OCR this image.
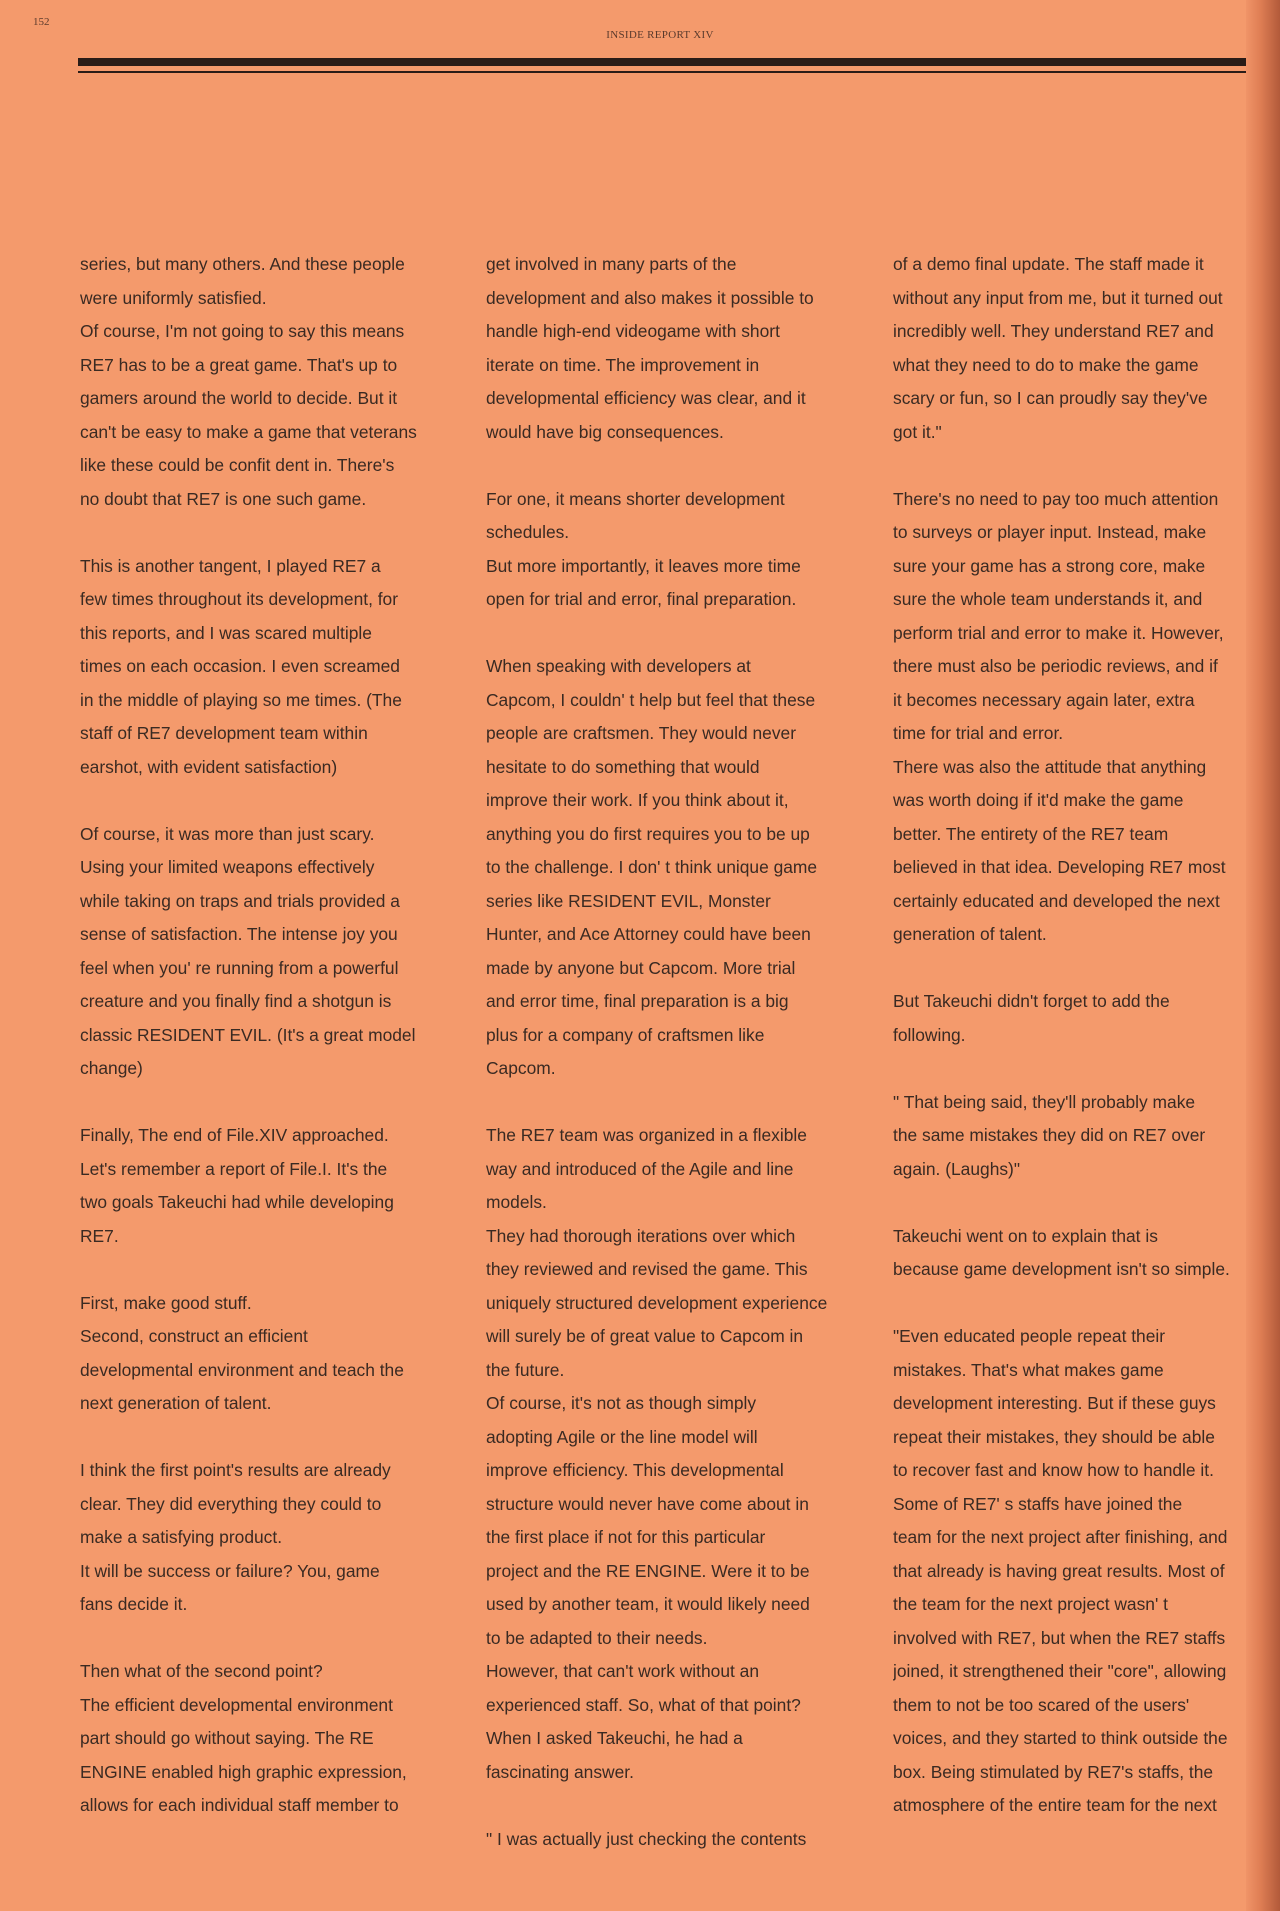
152
INSIDE REPORT XIV
series, but many others. And these people
were uniformly satisfied.
Of course, I'm not going to say this means
RE7 has to be a great game. That's up to
gamers around the world to decide. But it
can't be easy to make a game that veterans
like these could be confit dent in. There's
no doubt that RE7 is one such game.
This is another tangent, I played RE7 a
few times throughout its development, for
this reports, and I was scared multiple
times on each occasion. I even screamed
in the middle of playing so me times. (The
staff of RE7 development team within
earshot, with evident satisfaction)
Of course, it was more than just scary.
Using your limited weapons effectively
while taking on traps and trials provided a
sense of satisfaction. The intense joy you
feel when you' re running from a powerful
creature and you finally find a shotgun is
classic RESIDENT EVIL. (It's a great model
change)
Finally, The end of File.XIV approached.
Let's remember a report of File.I. It's the
two goals Takeuchi had while developing
RE7.
First, make good stuff.
Second, construct an efficient
developmental environment and teach the
next generation of talent.
I think the first point's results are already
clear. They did everything they could to
make a satisfying product.
It will be success or failure? You, game
fans decide it.
Then what of the second point?
The efficient developmental environment
part should go without saying. The RE
ENGINE enabled high graphic expression,
allows for each individual staff member to
get involved in many parts of the
development and also makes it possible to
handle high-end videogame with short
iterate on time. The improvement in
developmental efficiency was clear, and it
would have big consequences.
For one, it means shorter development
schedules.
But more importantly, it leaves more time
open for trial and error, final preparation.
When speaking with developers at
Capcom, I couldn' t help but feel that these
people are craftsmen. They would never
hesitate to do something that would
improve their work. If you think about it,
anything you do first requires you to be up
to the challenge. I don' t think unique game
series like RESIDENT EVIL, Monster
Hunter, and Ace Attorney could have been
made by anyone but Capcom. More trial
and error time, final preparation is a big
plus for a company of craftsmen like
Capcom.
The RE7 team was organized in a flexible
way and introduced of the Agile and line
models.
They had thorough iterations over which
they reviewed and revised the game. This
uniquely structured development experience
will surely be of great value to Capcom in
the future.
Of course, it's not as though simply
adopting Agile or the line model will
improve efficiency. This developmental
structure would never have come about in
the first place if not for this particular
project and the RE ENGINE. Were it to be
used by another team, it would likely need
to be adapted to their needs.
However, that can't work without an
experienced staff. So, what of that point?
When I asked Takeuchi, he had a
fascinating answer.
" I was actually just checking the contents
of a demo final update. The staff made it
without any input from me, but it turned out
incredibly well. They understand RE7 and
what they need to do to make the game
scary or fun, so I can proudly say they've
got it."
There's no need to pay too much attention
to surveys or player input. Instead, make
sure your game has a strong core, make
sure the whole team understands it, and
perform trial and error to make it. However,
there must also be periodic reviews, and if
it becomes necessary again later, extra
time for trial and error.
There was also the attitude that anything
was worth doing if it'd make the game
better. The entirety of the RE7 team
believed in that idea. Developing RE7 most
certainly educated and developed the next
generation of talent.
But Takeuchi didn't forget to add the
following.
" That being said, they'll probably make
the same mistakes they did on RE7 over
again. (Laughs)"
Takeuchi went on to explain that is
because game development isn't so simple.
"Even educated people repeat their
mistakes. That's what makes game
development interesting. But if these guys
repeat their mistakes, they should be able
to recover fast and know how to handle it.
Some of RE7' s staffs have joined the
team for the next project after finishing, and
that already is having great results. Most of
the team for the next project wasn' t
involved with RE7, but when the RE7 staffs
joined, it strengthened their "core", allowing
them to not be too scared of the users'
voices, and they started to think outside the
box. Being stimulated by RE7's staffs, the
atmosphere of the entire team for the next
